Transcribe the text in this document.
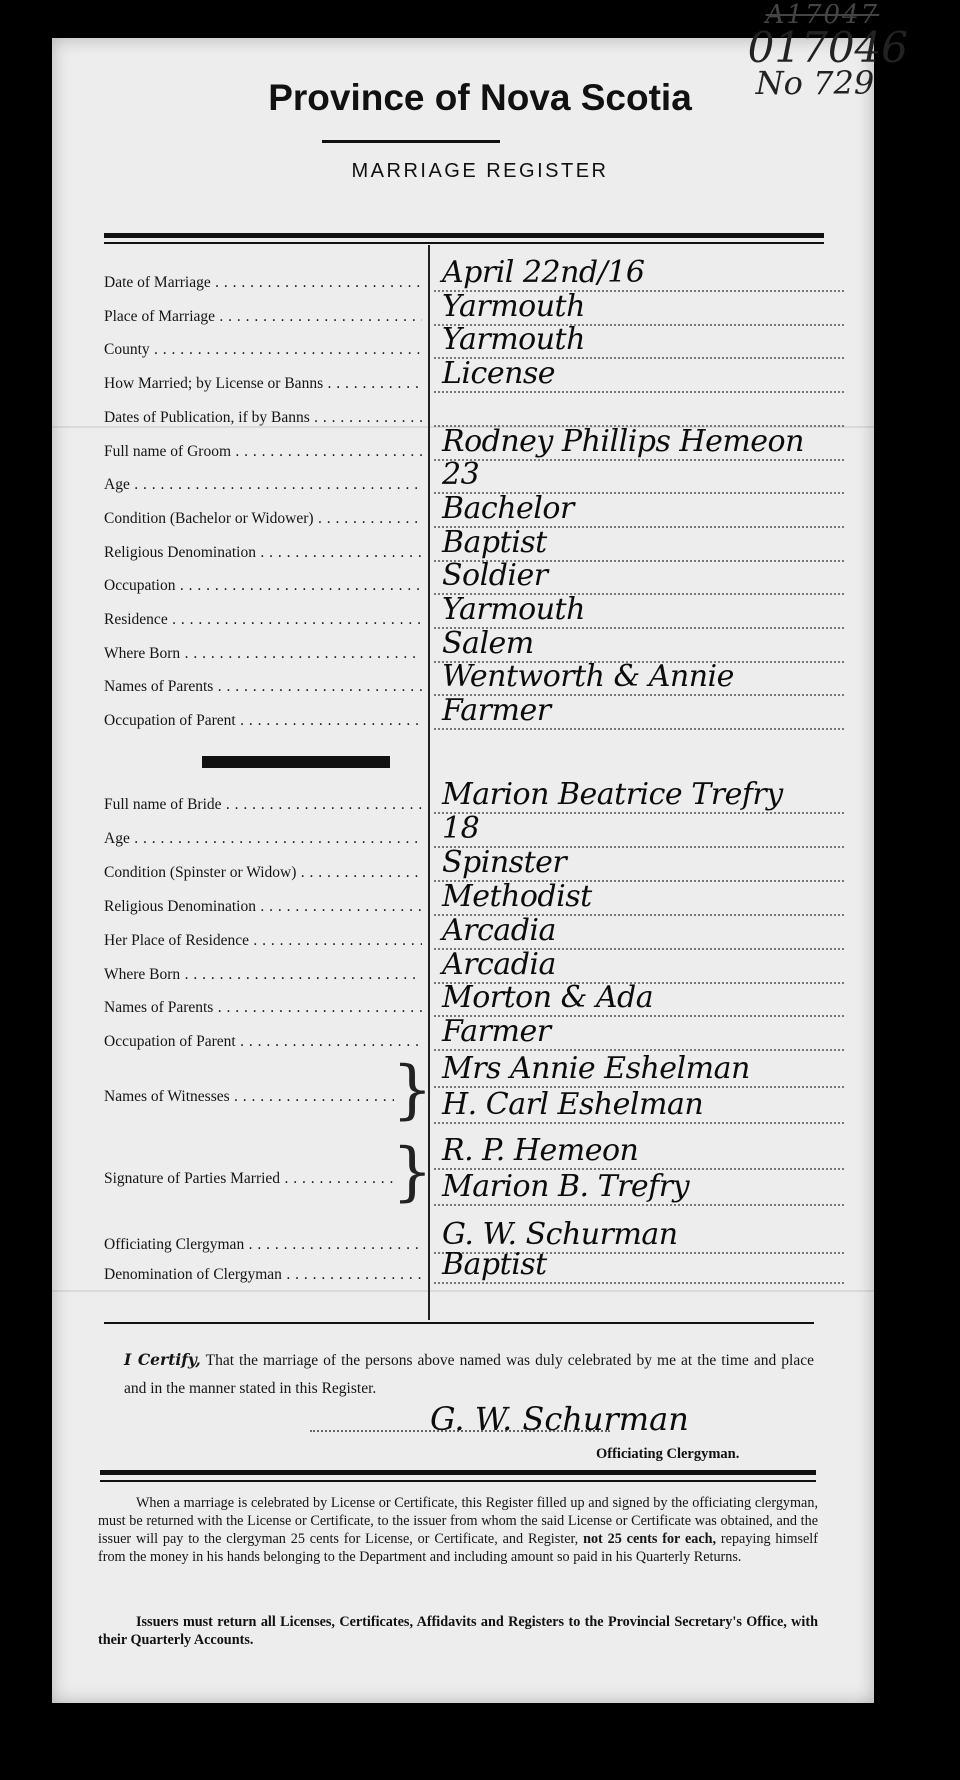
A17047
017046
No 729
Province of Nova Scotia
MARRIAGE REGISTER
Date of Marriage . . .	April 22nd/16
Place of Marriage . . .	Yarmouth
County . . .	Yarmouth
How Married; by License or Banns . . .	License
Dates of Publication, if by Banns . . .
Full name of Groom . . .	Rodney Phillips Hemeon
Age . . .	23
Condition (Bachelor or Widower) . . .	Bachelor
Religious Denomination . . .	Baptist
Occupation . . .	Soldier
Residence . . .	Yarmouth
Where Born . . .	Salem
Names of Parents . . .	Wentworth & Annie
Occupation of Parent . . .	Farmer
Full name of Bride . . .	Marion Beatrice Trefry
Age . . .	18
Condition (Spinster or Widow) . . .	Spinster
Religious Denomination . . .	Methodist
Her Place of Residence . . .	Arcadia
Where Born . . .	Arcadia
Names of Parents . . .	Morton & Ada
Occupation of Parent . . .	Farmer
Names of Witnesses . . .	} Mrs Annie Eshelman
H. Carl Eshelman
Signature of Parties Married . . .	} R. P. Hemeon
Marion B. Trefry
Officiating Clergyman . . .	G. W. Schurman
Denomination of Clergyman . . .	Baptist
I Certify, That the marriage of the persons above named was duly celebrated by me at the time and place and in the manner stated in this Register.
G. W. Schurman
Officiating Clergyman.
When a marriage is celebrated by License or Certificate, this Register filled up and signed by the officiating clergyman, must be returned with the License or Certificate, to the issuer from whom the said License or Certificate was obtained, and the issuer will pay to the clergyman 25 cents for License, or Certificate, and Register, not 25 cents for each, repaying himself from the money in his hands belonging to the Department and including amount so paid in his Quarterly Returns.
Issuers must return all Licenses, Certificates, Affidavits and Registers to the Provincial Secretary's Office, with their Quarterly Accounts.
